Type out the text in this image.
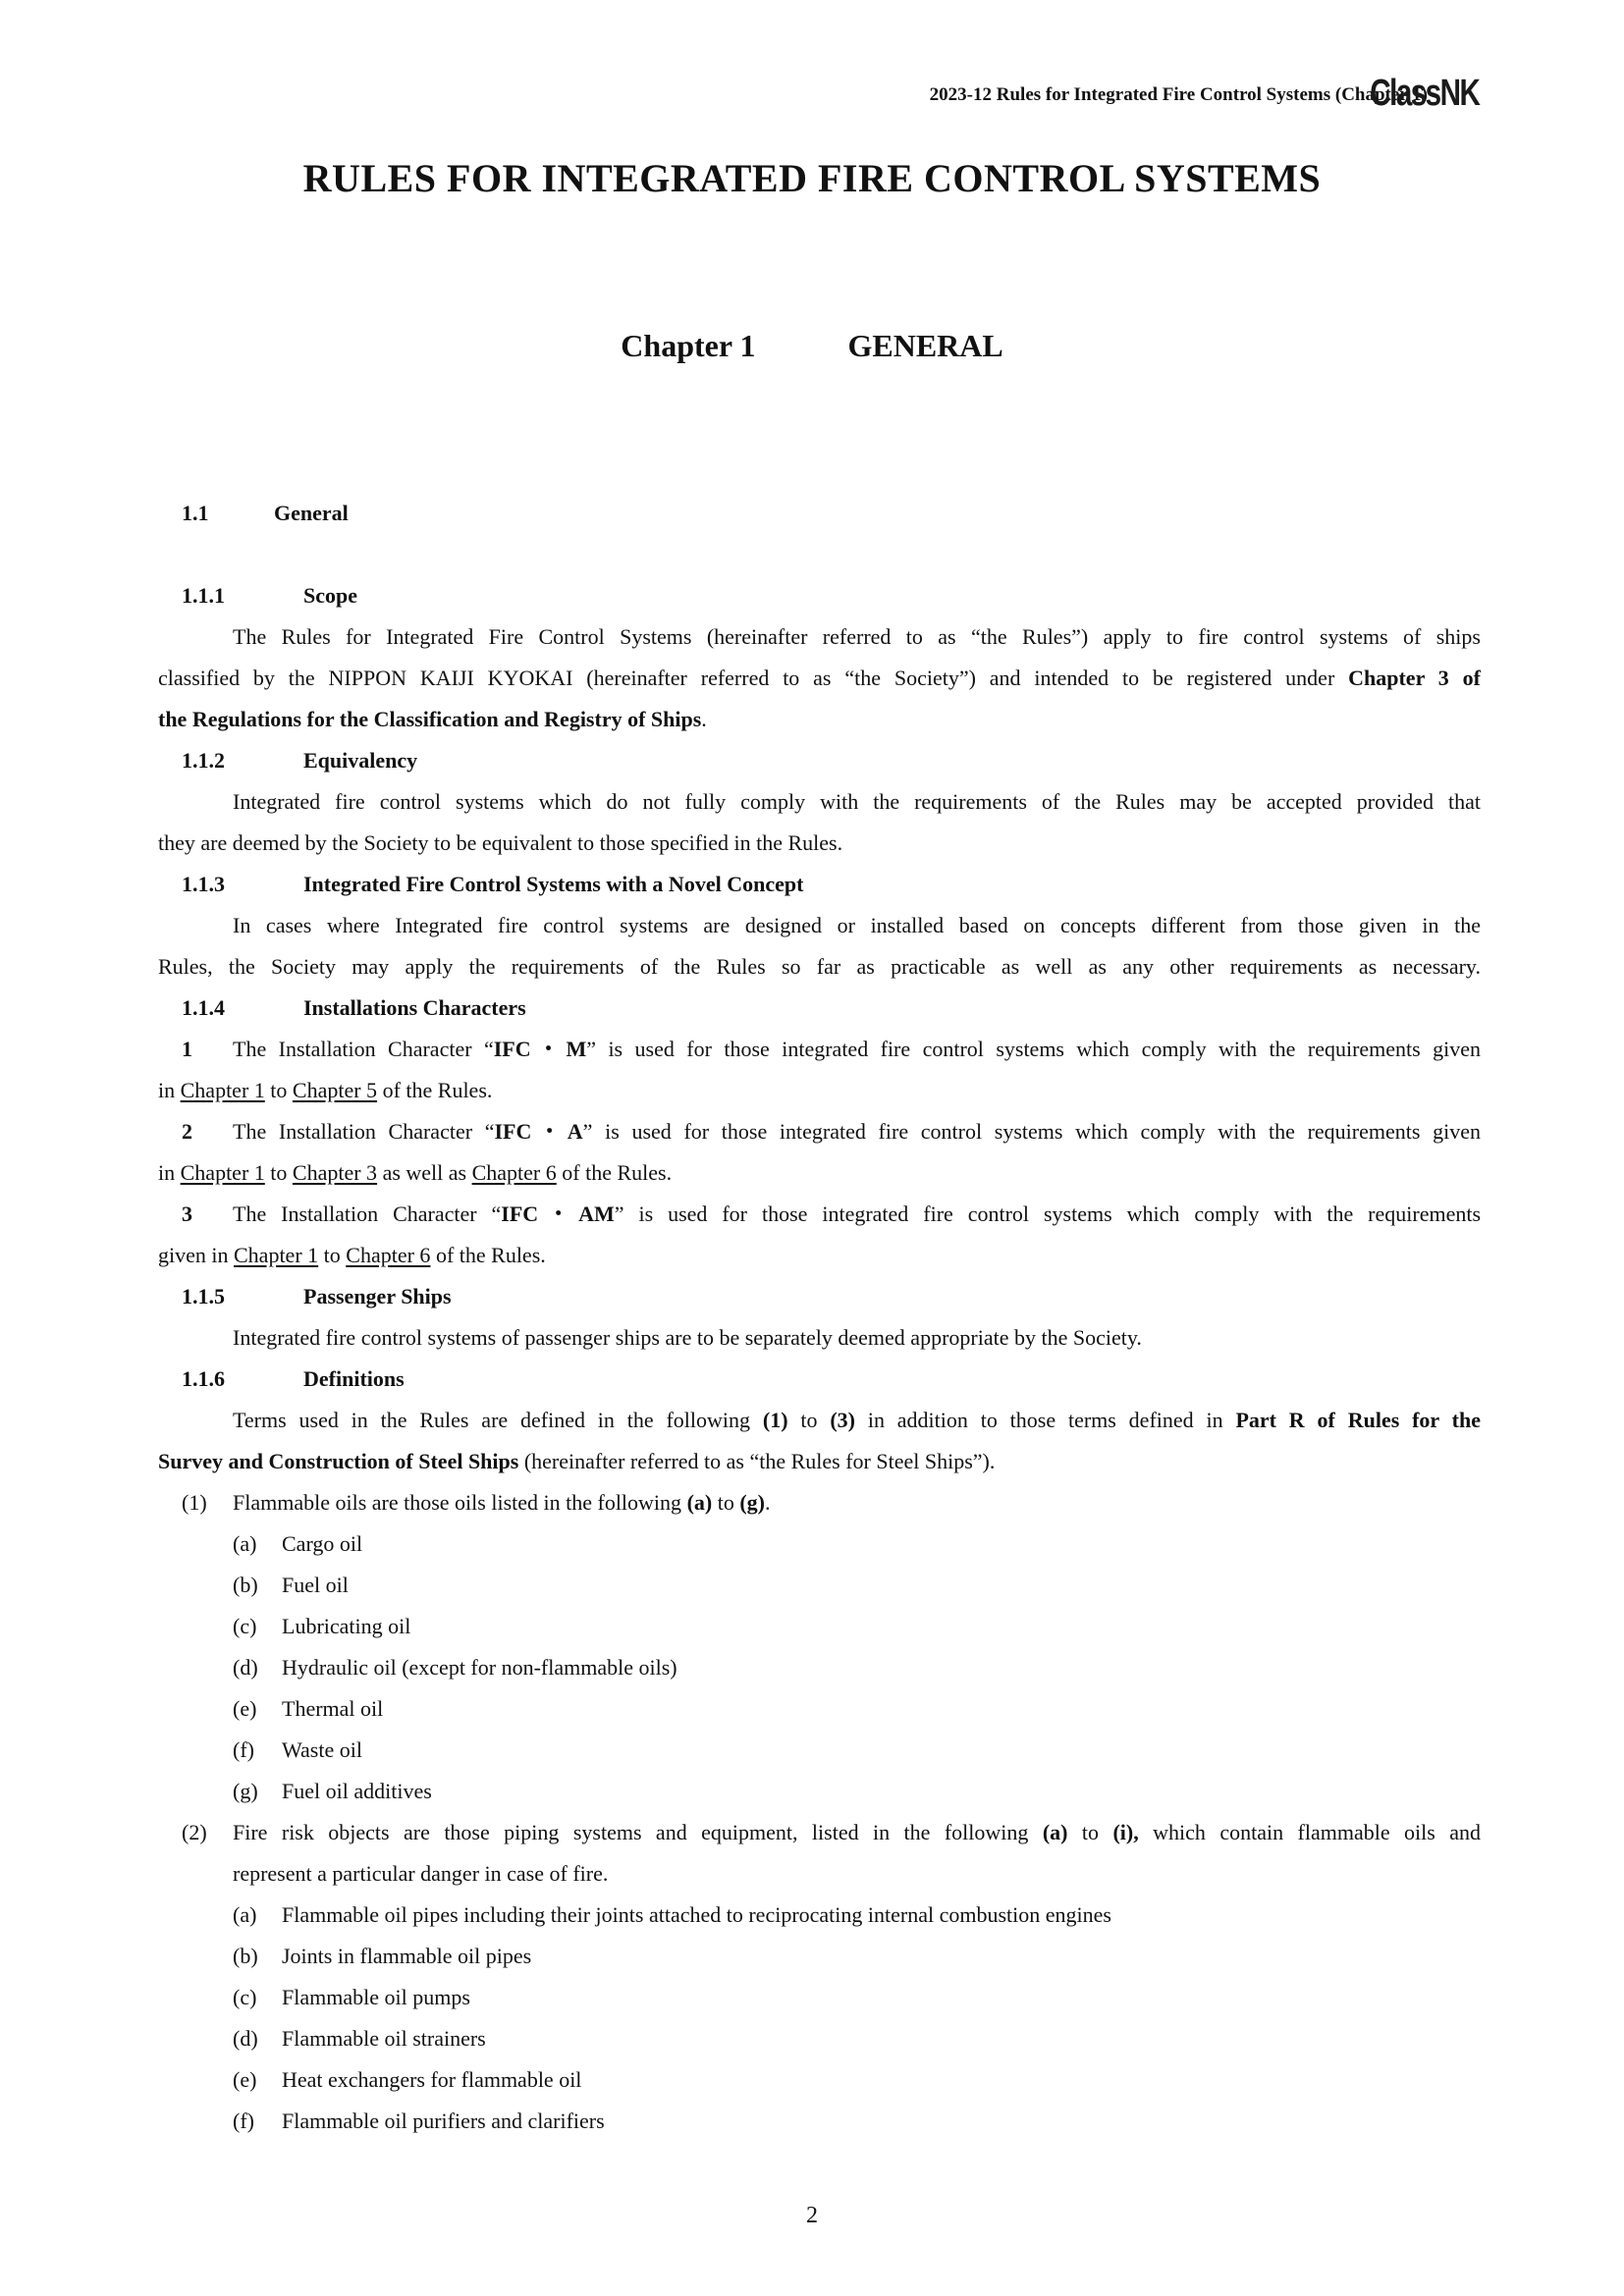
2023-12 Rules for Integrated Fire Control Systems (Chapter 1)
ClassNK
RULES FOR INTEGRATED FIRE CONTROL SYSTEMS
Chapter 1	GENERAL
1.1	General
1.1.1	Scope
The Rules for Integrated Fire Control Systems (hereinafter referred to as “the Rules”) apply to fire control systems of ships
classified by the NIPPON KAIJI KYOKAI (hereinafter referred to as “the Society”) and intended to be registered under Chapter 3 of
the Regulations for the Classification and Registry of Ships.
1.1.2	Equivalency
Integrated fire control systems which do not fully comply with the requirements of the Rules may be accepted provided that
they are deemed by the Society to be equivalent to those specified in the Rules.
1.1.3	Integrated Fire Control Systems with a Novel Concept
In cases where Integrated fire control systems are designed or installed based on concepts different from those given in the
Rules, the Society may apply the requirements of the Rules so far as practicable as well as any other requirements as necessary.
1.1.4	Installations Characters
1	The Installation Character “IFC・M” is used for those integrated fire control systems which comply with the requirements given
in Chapter 1 to Chapter 5 of the Rules.
2	The Installation Character “IFC・A” is used for those integrated fire control systems which comply with the requirements given
in Chapter 1 to Chapter 3 as well as Chapter 6 of the Rules.
3	The Installation Character “IFC・AM” is used for those integrated fire control systems which comply with the requirements
given in Chapter 1 to Chapter 6 of the Rules.
1.1.5	Passenger Ships
Integrated fire control systems of passenger ships are to be separately deemed appropriate by the Society.
1.1.6	Definitions
Terms used in the Rules are defined in the following (1) to (3) in addition to those terms defined in Part R of Rules for the
Survey and Construction of Steel Ships (hereinafter referred to as “the Rules for Steel Ships”).
(1) Flammable oils are those oils listed in the following (a) to (g).
(a) Cargo oil
(b) Fuel oil
(c) Lubricating oil
(d) Hydraulic oil (except for non-flammable oils)
(e) Thermal oil
(f) Waste oil
(g) Fuel oil additives
(2) Fire risk objects are those piping systems and equipment, listed in the following (a) to (i), which contain flammable oils and
represent a particular danger in case of fire.
(a) Flammable oil pipes including their joints attached to reciprocating internal combustion engines
(b) Joints in flammable oil pipes
(c) Flammable oil pumps
(d) Flammable oil strainers
(e) Heat exchangers for flammable oil
(f) Flammable oil purifiers and clarifiers
2
